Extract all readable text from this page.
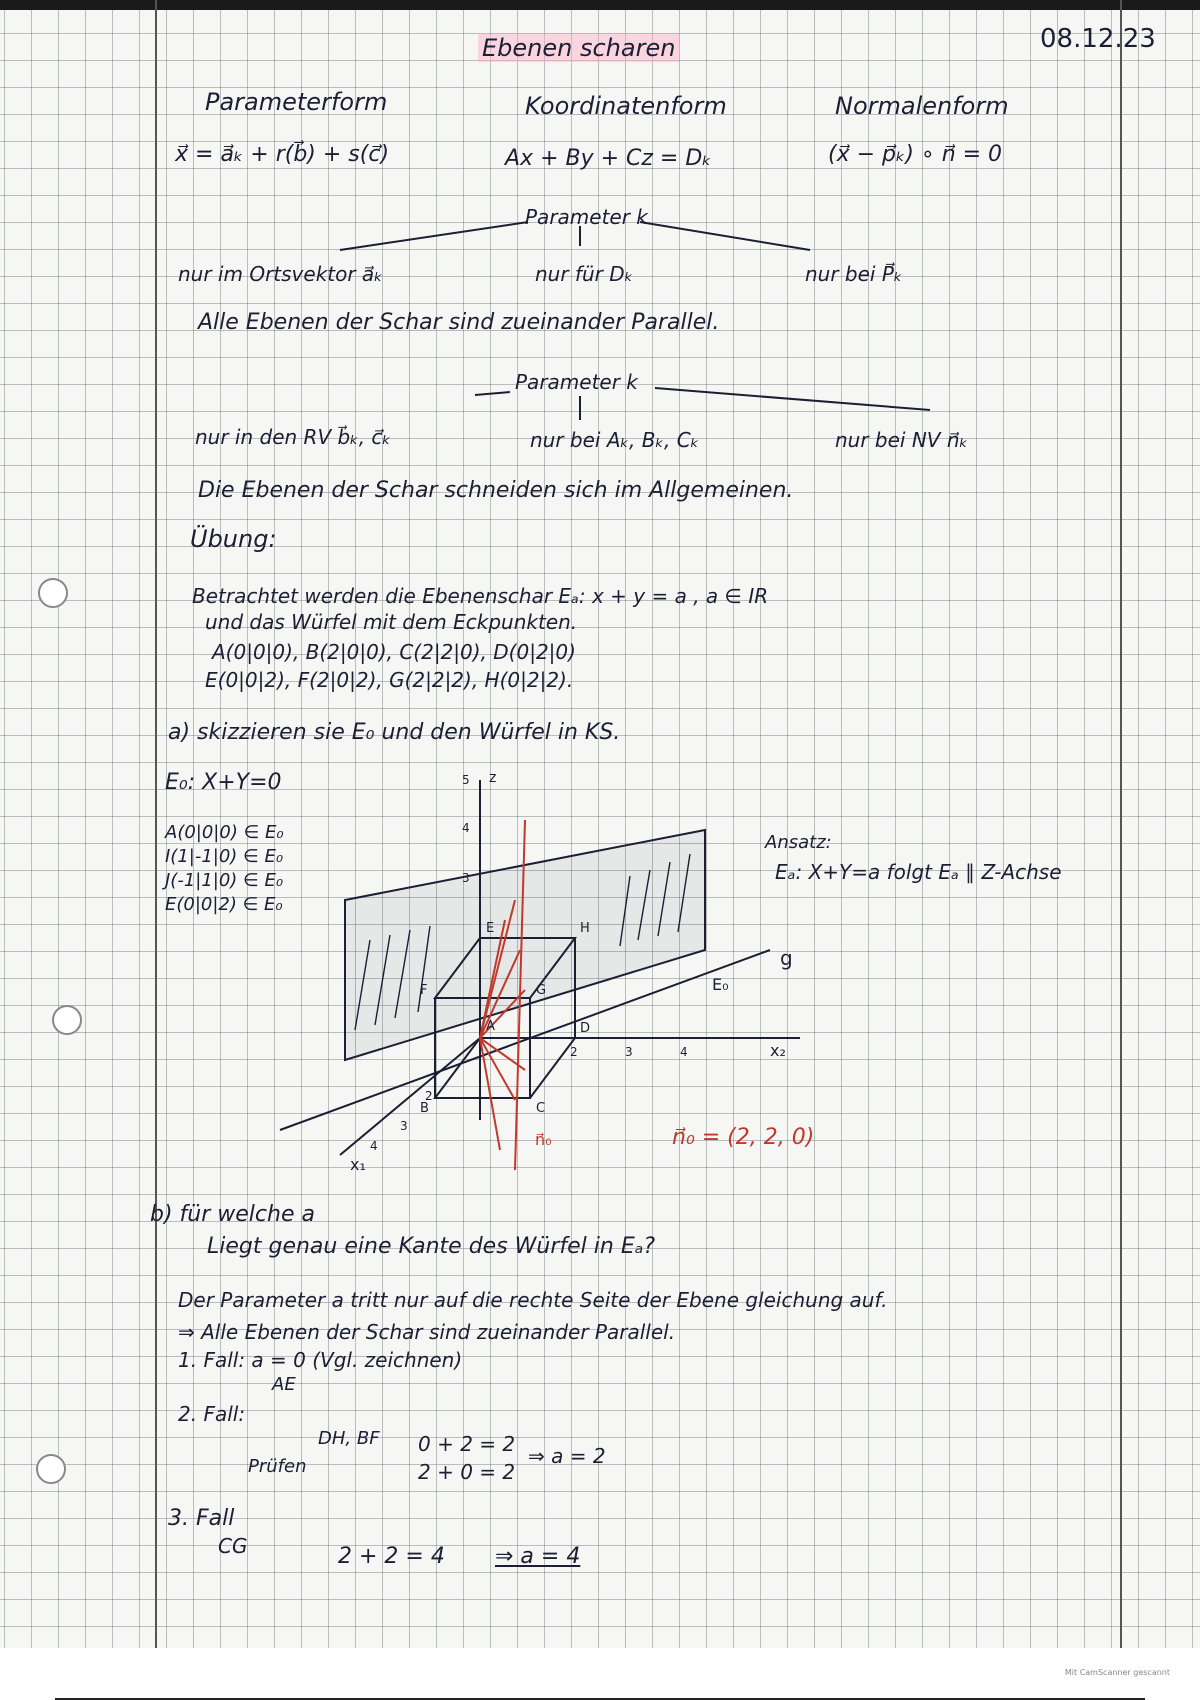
08.12.23
Ebenen scharen
Parameterform	Koordinatenform	Normalenform
x⃗ = a⃗ₖ + r(b⃗) + s(c⃗)	Ax + By + Cz = Dₖ	(x⃗ − p⃗ₖ) ∘ n⃗ = 0
Parameter k
nur im Ortsvektor a⃗ₖ	nur für Dₖ	nur bei P⃗ₖ
Alle Ebenen der Schar sind zueinander Parallel.
Parameter k
nur in den RV b⃗ₖ, c⃗ₖ	nur bei Aₖ, Bₖ, Cₖ	nur bei NV n⃗ₖ
Die Ebenen der Schar schneiden sich im Allgemeinen.
Übung:
Betrachtet werden die Ebenenschar Eₐ: x + y = a , a ∈ IR
und das Würfel mit dem Eckpunkten.
A(0|0|0), B(2|0|0), C(2|2|0), D(0|2|0)
E(0|0|2), F(2|0|2), G(2|2|2), H(0|2|2).
a) skizzieren sie E₀ und den Würfel in KS.
E₀: X+Y=0
A(0|0|0) ∈ E₀
I(1|-1|0) ∈ E₀
J(-1|1|0) ∈ E₀
E(0|0|2) ∈ E₀
Ansatz:
Eₐ: X+Y=a folgt Eₐ ∥ Z-Achse
z
x₂
x₁
5
4
3
2	3	4
2
3
4
A
B	C
D
E
F	G
H
E₀
g
n⃗₀	n⃗₀ = (2, 2, 0)
b) für welche a
Liegt genau eine Kante des Würfel in Eₐ?
Der Parameter a tritt nur auf die rechte Seite der Ebene gleichung auf.
⇒ Alle Ebenen der Schar sind zueinander Parallel.
1. Fall: a = 0 (Vgl. zeichnen)
AE
2. Fall:
DH, BF
Prüfen
0 + 2 = 2
2 + 0 = 2
⇒ a = 2
3. Fall
CG	2 + 2 = 4 ⇒ a = 4
Mit CamScanner gescannt
